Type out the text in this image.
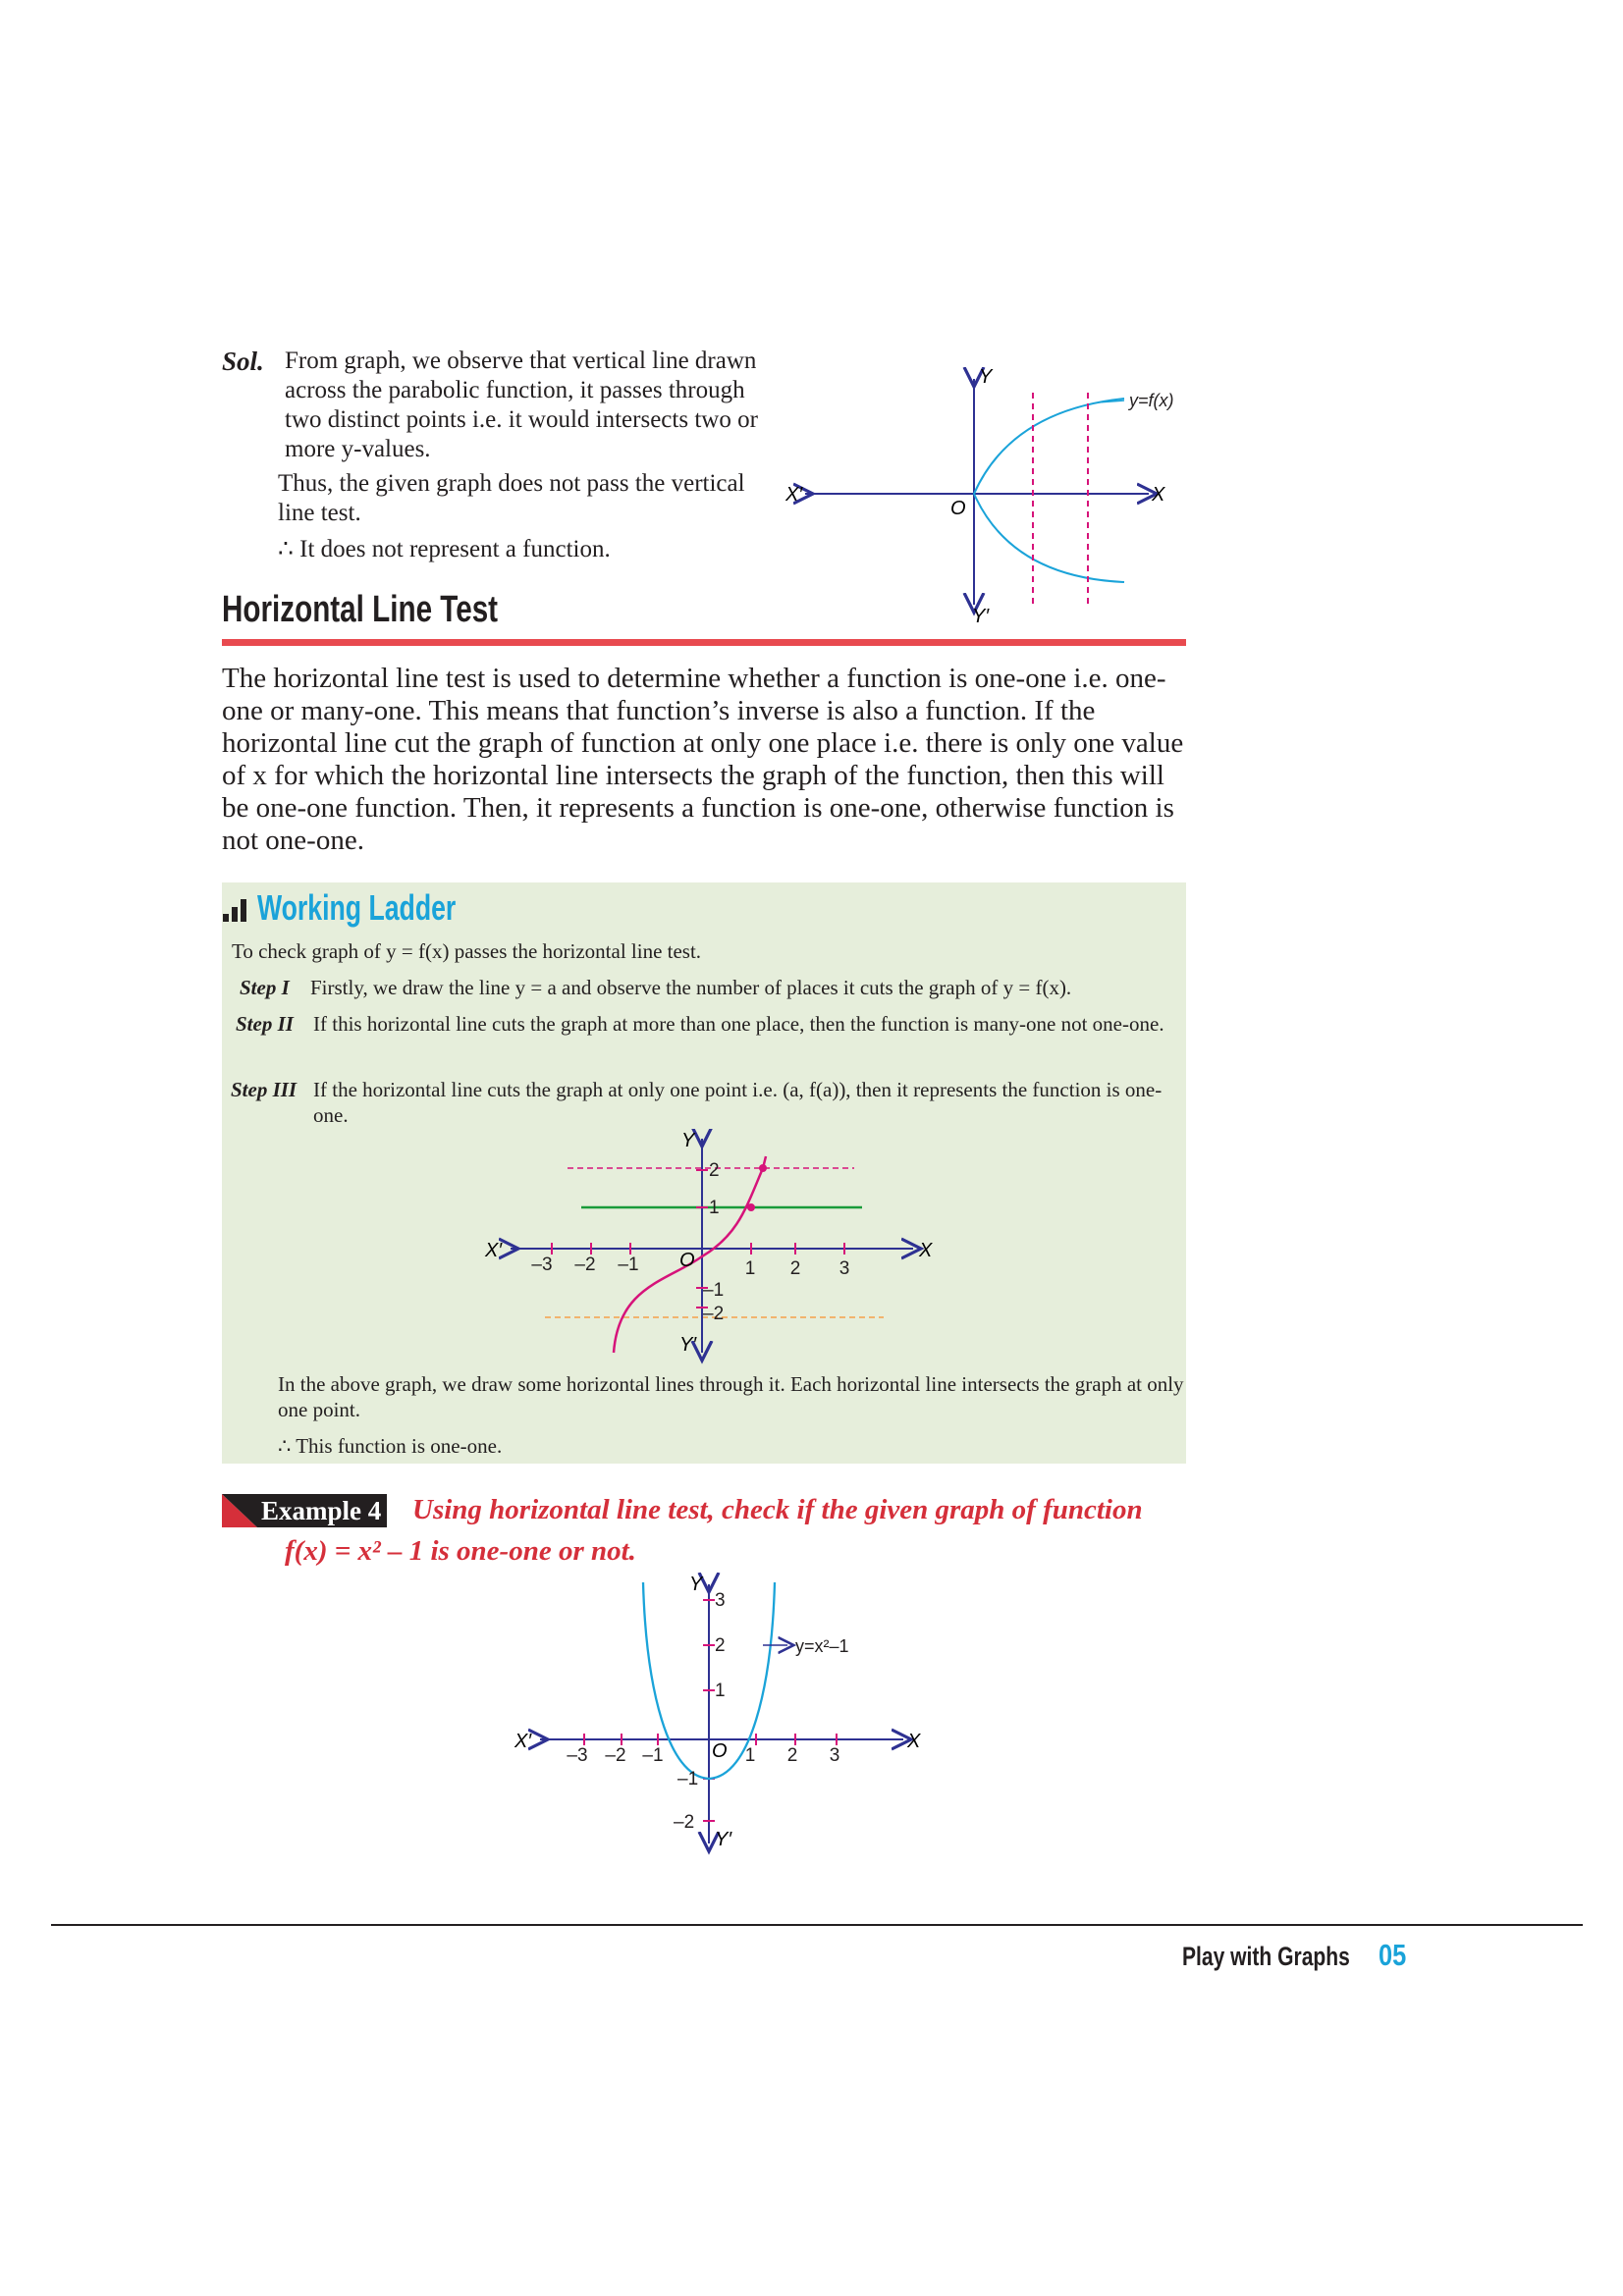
Sol. From graph, we observe that vertical line drawn across the parabolic function, it passes through two distinct points i.e. it would intersects two or more y-values.
Thus, the given graph does not pass the vertical line test.
∴ It does not represent a function.
y=f(x)
X
X′
Y
Y′
O
Horizontal Line Test
The horizontal line test is used to determine whether a function is one-one i.e. one-one or many-one. This means that function’s inverse is also a function. If the horizontal line cut the graph of function at only one place i.e. there is only one value of x for which the horizontal line intersects the graph of the function, then this will be one-one function. Then, it represents a function is one-one, otherwise function is not one-one.
Working Ladder
To check graph of y = f(x) passes the horizontal line test.
Step I	Firstly, we draw the line y = a and observe the number of places it cuts the graph of y = f(x).
Step II If this horizontal line cuts the graph at more than one place, then the function is many-one not one-one.
Step III If the horizontal line cuts the graph at only one point i.e. (a, f(a)), then it represents the function is one-one.
–3 –2 –1	1 2 3
2
1
–1
–2
X
X′
Y
Y′
O
In the above graph, we draw some horizontal lines through it. Each horizontal line intersects the graph at only one point.
∴ This function is one-one.
Example 4 Using horizontal line test, check if the given graph of function
f(x) = x² – 1 is one-one or not.
y=x²–1
–3 –2 –1	1 2 3
3
2
1
–1
–2
X
X′
Y
Y′
O
Play with Graphs 05
